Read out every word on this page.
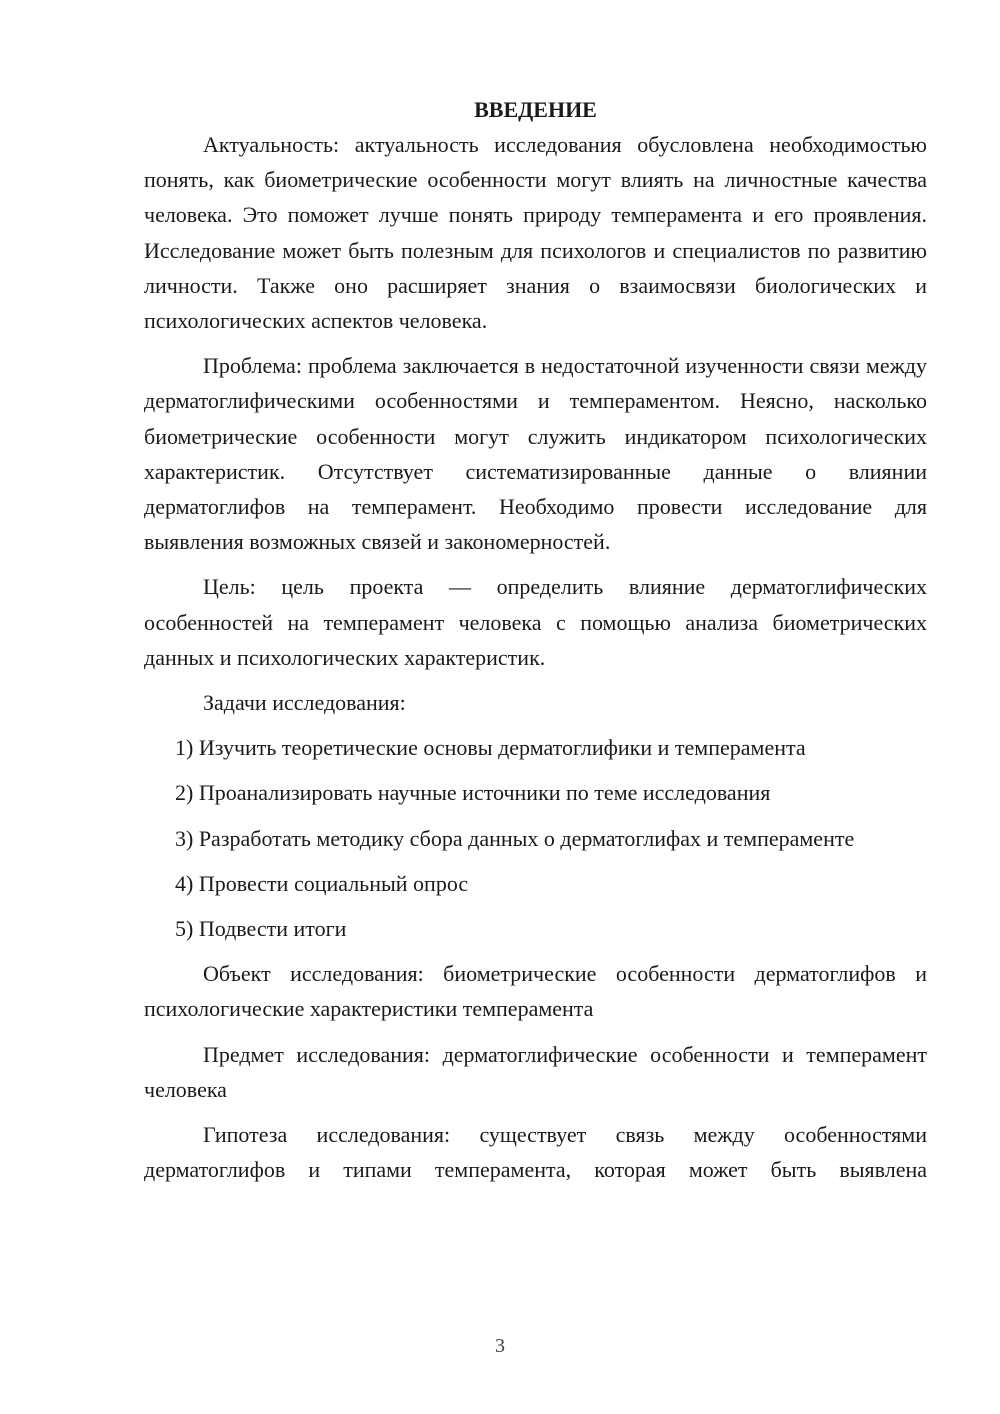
ВВЕДЕНИЕ

Актуальность: актуальность исследования обусловлена необходимостью понять, как биометрические особенности могут влиять на личностные качества человека. Это поможет лучше понять природу темперамента и его проявления. Исследование может быть полезным для психологов и специалистов по развитию личности. Также оно расширяет знания о взаимосвязи биологических и психологических аспектов человека.

Проблема: проблема заключается в недостаточной изученности связи между дерматоглифическими особенностями и темпераментом. Неясно, насколько биометрические особенности могут служить индикатором психологических характеристик. Отсутствует систематизированные данные о влиянии дерматоглифов на темперамент. Необходимо провести исследование для выявления возможных связей и закономерностей.

Цель: цель проекта — определить влияние дерматоглифических особенностей на темперамент человека с помощью анализа биометрических данных и психологических характеристик.

Задачи исследования:

1) Изучить теоретические основы дерматоглифики и темперамента

2) Проанализировать научные источники по теме исследования

3) Разработать методику сбора данных о дерматоглифах и темпераменте

4) Провести социальный опрос

5) Подвести итоги

Объект исследования: биометрические особенности дерматоглифов и психологические характеристики темперамента

Предмет исследования: дерматоглифические особенности и темперамент человека

Гипотеза исследования: существует связь между особенностями дерматоглифов и типами темперамента, которая может быть выявлена

3
